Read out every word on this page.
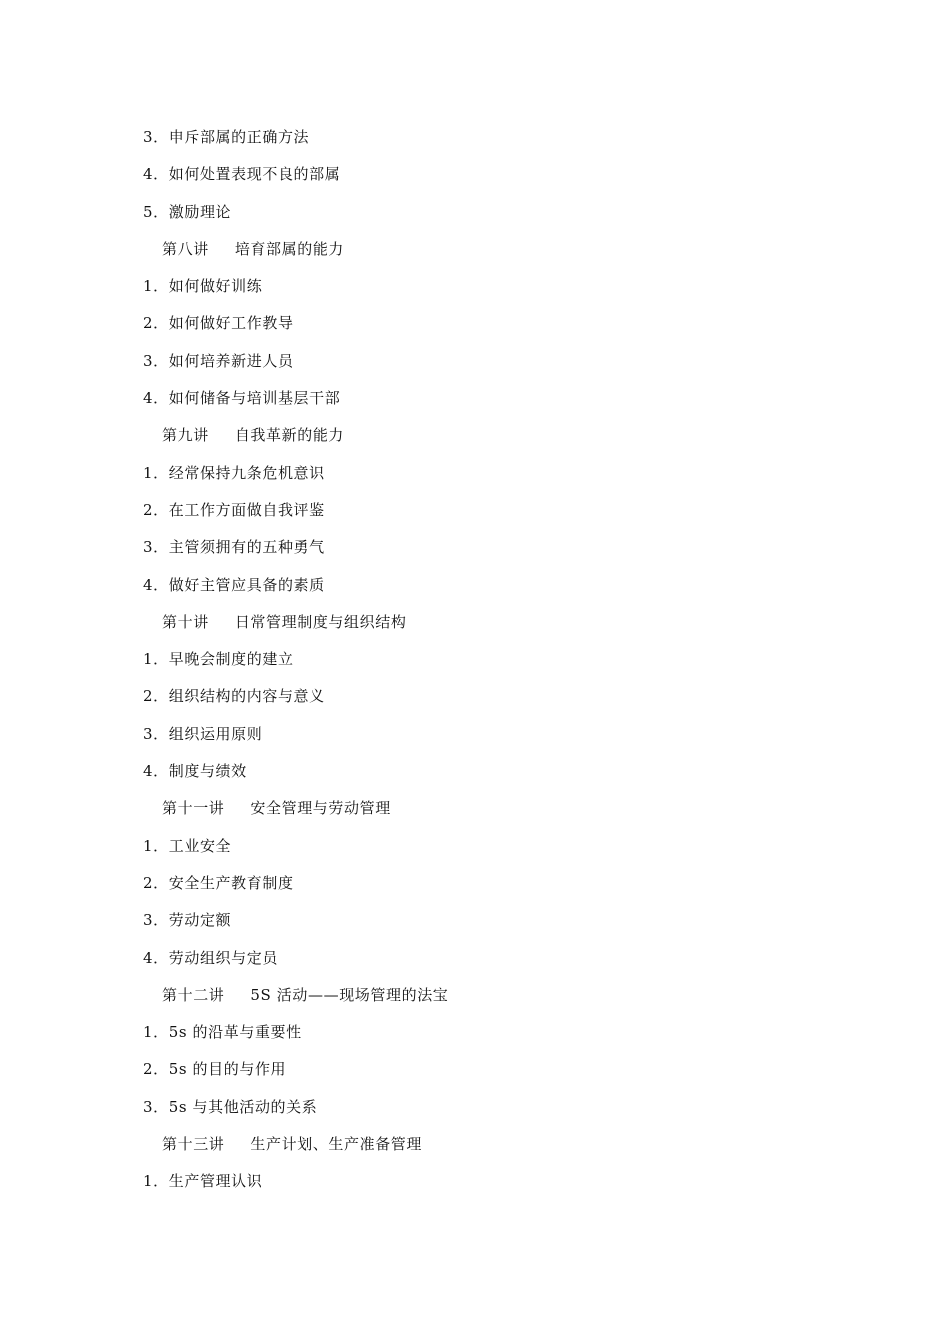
3．申斥部属的正确方法
4．如何处置表现不良的部属
5．激励理论
第八讲 培育部属的能力
1．如何做好训练
2．如何做好工作教导
3．如何培养新进人员
4．如何储备与培训基层干部
第九讲 自我革新的能力
1．经常保持九条危机意识
2．在工作方面做自我评鉴
3．主管须拥有的五种勇气
4．做好主管应具备的素质
第十讲 日常管理制度与组织结构
1．早晚会制度的建立
2．组织结构的内容与意义
3．组织运用原则
4．制度与绩效
第十一讲 安全管理与劳动管理
1．工业安全
2．安全生产教育制度
3．劳动定额
4．劳动组织与定员
第十二讲 5S 活动——现场管理的法宝
1．5s 的沿革与重要性
2．5s 的目的与作用
3．5s 与其他活动的关系
第十三讲 生产计划、生产准备管理
1．生产管理认识
